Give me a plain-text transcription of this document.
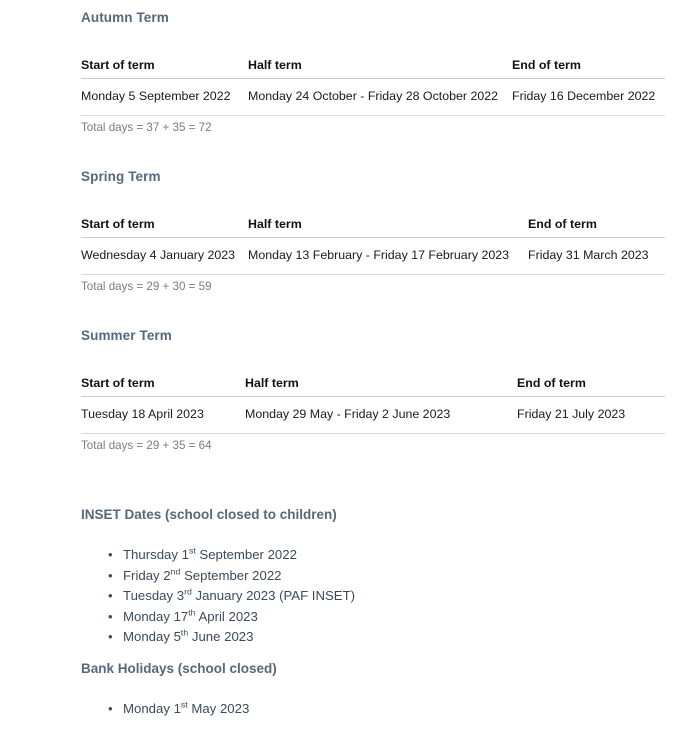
Autumn Term
Start of term	Half term	End of term
Monday 5 September 2022	Monday 24 October - Friday 28 October 2022	Friday 16 December 2022
Total days = 37 + 35 = 72		
Spring Term
Start of term	Half term	End of term
Wednesday 4 January 2023	Monday 13 February - Friday 17 February 2023	Friday 31 March 2023
Total days = 29 + 30 = 59		
Summer Term
Start of term	Half term	End of term
Tuesday 18 April 2023	Monday 29 May - Friday 2 June 2023	Friday 21 July 2023
Total days = 29 + 35 = 64		
INSET Dates (school closed to children)
• Thursday 1st September 2022
• Friday 2nd September 2022
• Tuesday 3rd January 2023 (PAF INSET)
• Monday 17th April 2023
• Monday 5th June 2023
Bank Holidays (school closed)
• Monday 1st May 2023
